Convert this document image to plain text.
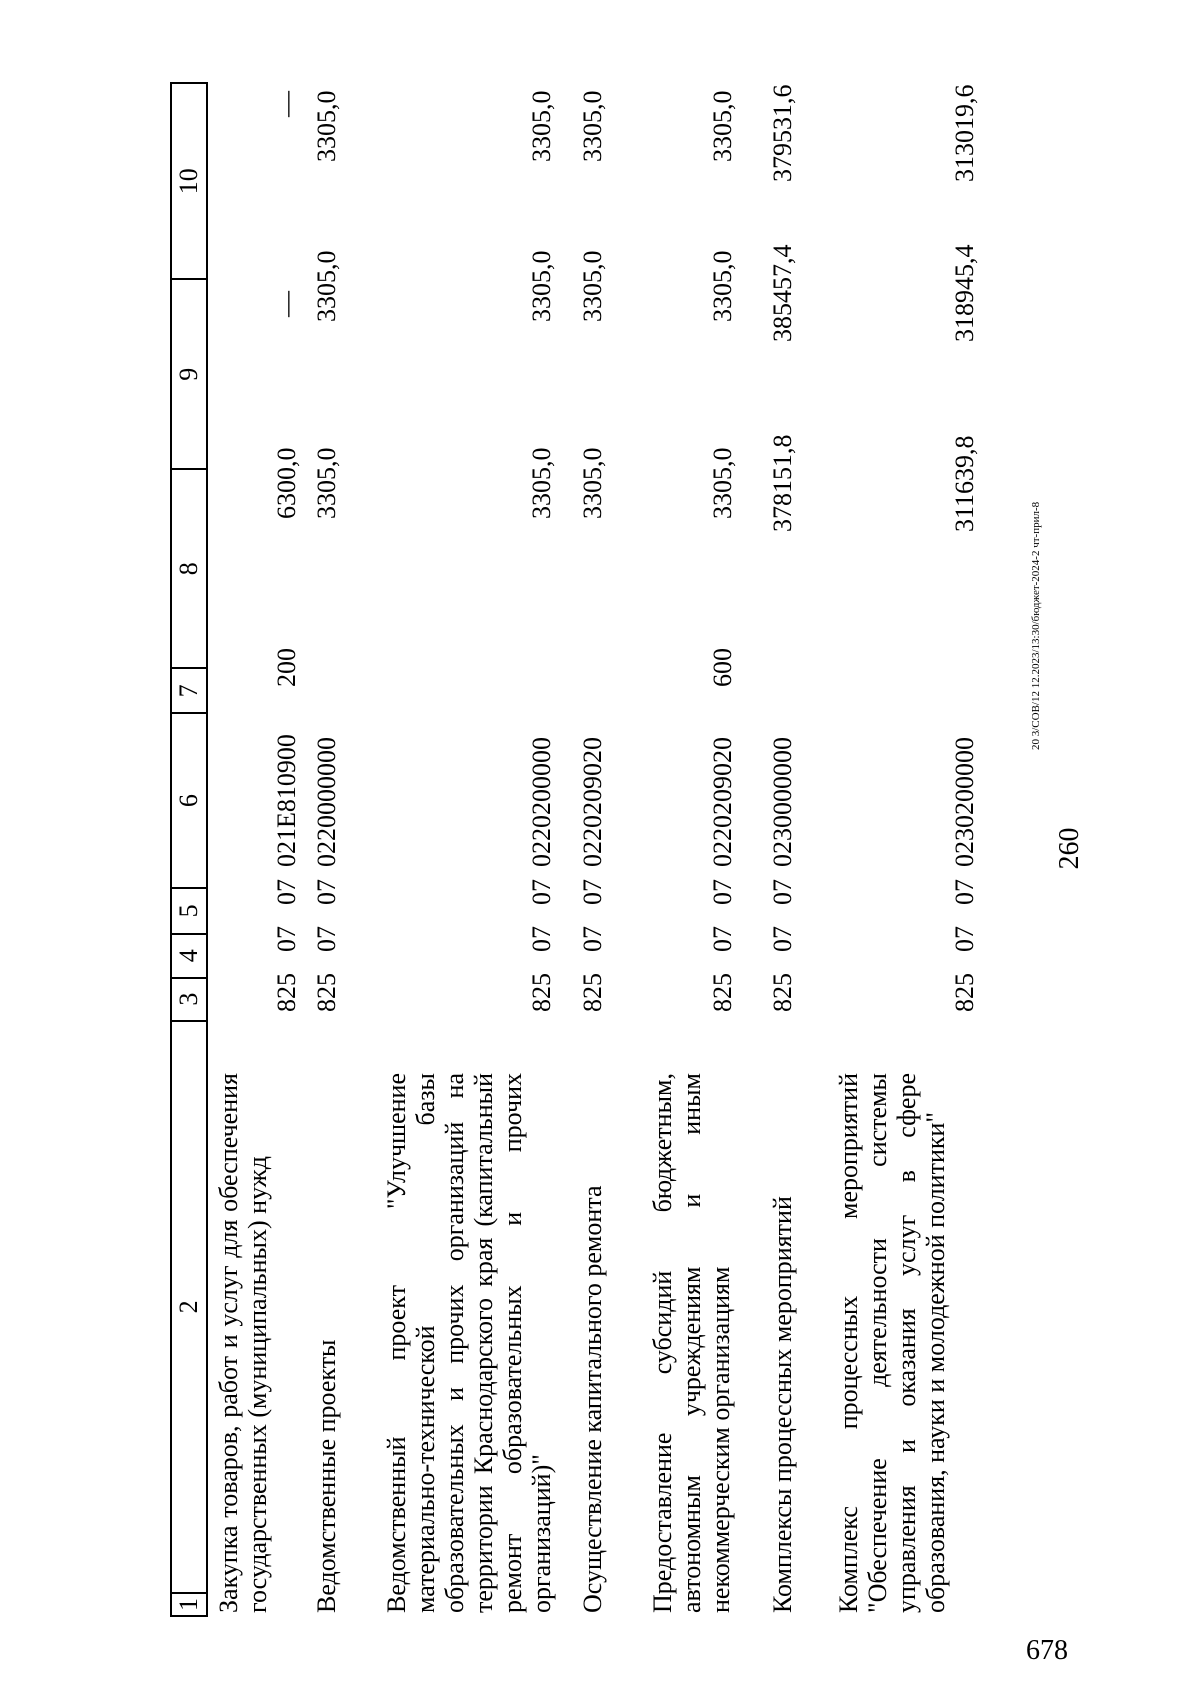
1
2
3
4
5
6
7
8
9
10
Закупка товаров, работ и услуг для обеспечения государственных (муниципальных) нужд
825
07
07
021Е810900
200
6300,0
—
—
Ведомственные проекты
825
07
07
0220000000
3305,0
3305,0
3305,0
Ведомственный проект "Улучшение материально-технической базы образовательных и прочих организаций на территории Краснодарского края (капитальный ремонт образовательных и прочих организаций)"
825
07
07
0220200000
3305,0
3305,0
3305,0
Осуществление капитального ремонта
825
07
07
0220209020
3305,0
3305,0
3305,0
Предоставление субсидий бюджетным, автономным учреждениям и иным некоммерческим организациям
825
07
07
0220209020
600
3305,0
3305,0
3305,0
Комплексы процессных мероприятий
825
07
07
0230000000
378151,8
385457,4
379531,6
Комплекс процессных мероприятий "Обеспечение деятельности системы управления и оказания услуг в сфере образования, науки и молодежной политики"
825
07
07
0230200000
311639,8
318945,4
313019,6
260
20 3/СОВ/12 12.2023/13:30/бюджет-2024-2 чт-прил-8
678
